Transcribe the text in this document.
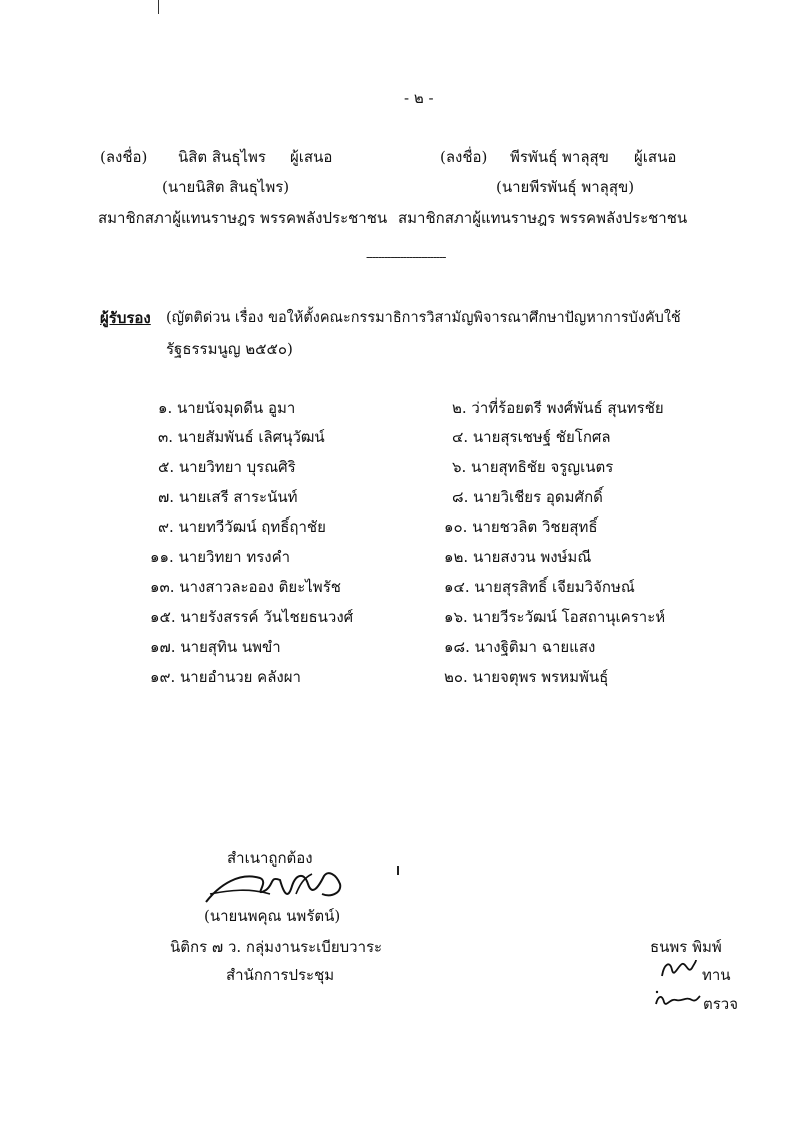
- ๒ -
(ลงชื่อ) นิสิต สินธุไพร ผู้เสนอ
(นายนิสิต สินธุไพร)
สมาชิกสภาผู้แทนราษฎร พรรคพลังประชาชน
(ลงชื่อ) พีรพันธุ์ พาลุสุข ผู้เสนอ
(นายพีรพันธุ์ พาลุสุข)
สมาชิกสภาผู้แทนราษฎร พรรคพลังประชาชน
--------------------------
ผู้รับรอง (ญัตติด่วน เรื่อง ขอให้ตั้งคณะกรรมาธิการวิสามัญพิจารณาศึกษาปัญหาการบังคับใช้
รัฐธรรมนูญ ๒๕๕๐)
๑. นายนัจมุดดีน อูมา	๒. ว่าที่ร้อยตรี พงศ์พันธ์ สุนทรชัย
๓. นายสัมพันธ์ เลิศนุวัฒน์	๔. นายสุรเชษฐ์ ชัยโกศล
๕. นายวิทยา บุรณศิริ	๖. นายสุทธิชัย จรูญเนตร
๗. นายเสรี สาระนันท์	๘. นายวิเชียร อุดมศักดิ์
๙. นายทวีวัฒน์ ฤทธิ์ฤาชัย	๑๐. นายชวลิต วิชยสุทธิ์
๑๑. นายวิทยา ทรงคำ	๑๒. นายสงวน พงษ์มณี
๑๓. นางสาวละออง ติยะไพรัช	๑๔. นายสุรสิทธิ์ เจียมวิจักษณ์
๑๕. นายรังสรรค์ วันไชยธนวงศ์	๑๖. นายวีระวัฒน์ โอสถานุเคราะห์
๑๗. นายสุทิน นพขำ	๑๘. นางฐิติมา ฉายแสง
๑๙. นายอำนวย คลังผา	๒๐. นายจตุพร พรหมพันธุ์
สำเนาถูกต้อง
(นายนพคุณ นพรัตน์)
นิติกร ๗ ว. กลุ่มงานระเบียบวาระ
สำนักการประชุม
ธนพร พิมพ์
ทาน
ตรวจ
